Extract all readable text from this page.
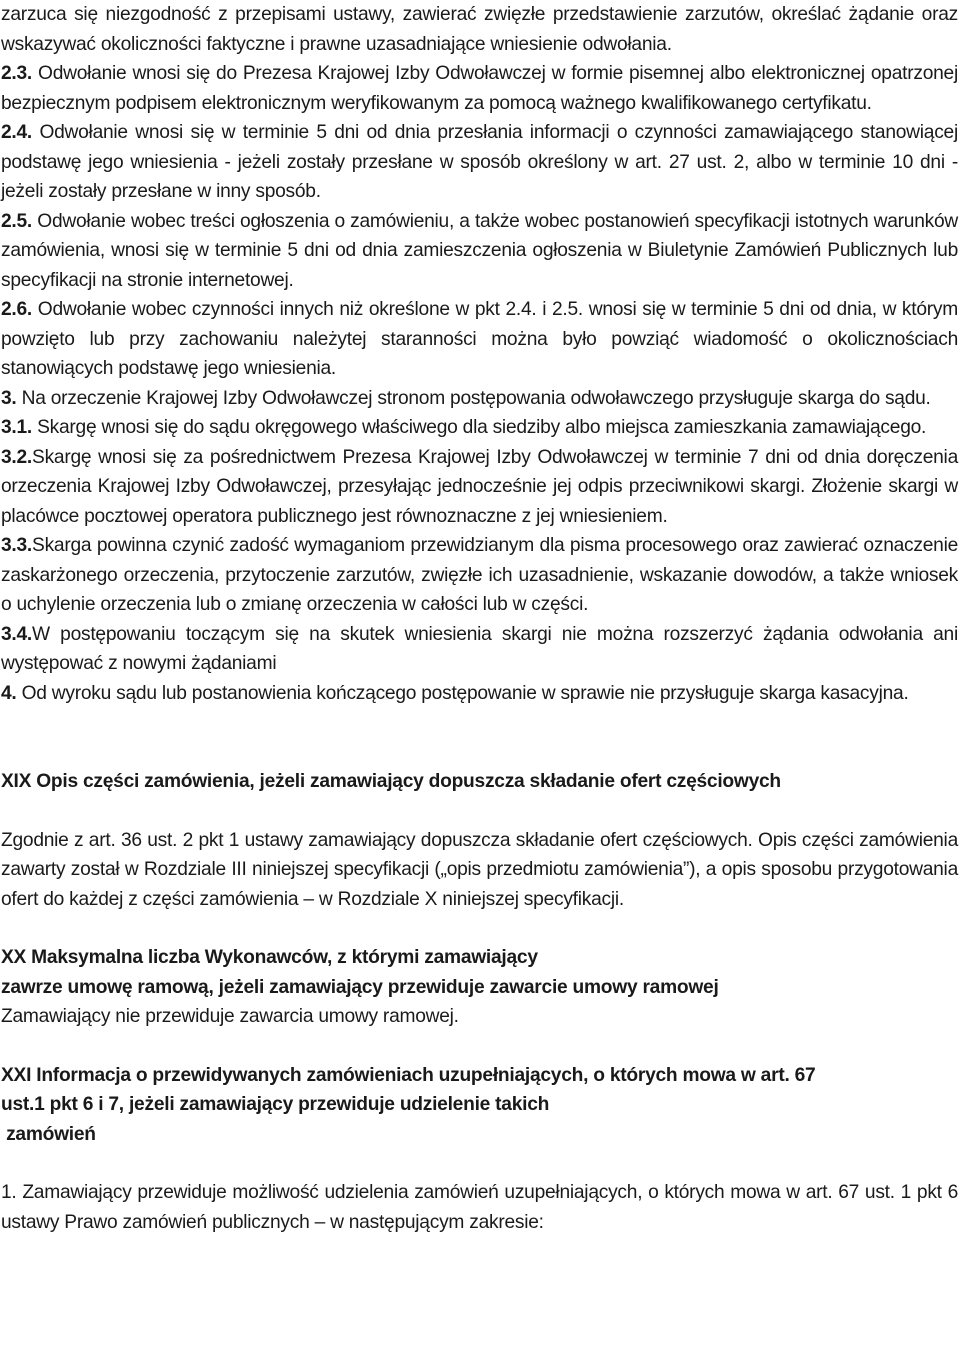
zarzuca się niezgodność z przepisami ustawy, zawierać zwięzłe przedstawienie zarzutów, określać żądanie oraz wskazywać okoliczności faktyczne i prawne uzasadniające wniesienie odwołania.

2.3. Odwołanie wnosi się do Prezesa Krajowej Izby Odwoławczej w formie pisemnej albo elektronicznej opatrzonej bezpiecznym podpisem elektronicznym weryfikowanym za pomocą ważnego kwalifikowanego certyfikatu.

2.4. Odwołanie wnosi się w terminie 5 dni od dnia przesłania informacji o czynności zamawiającego stanowiącej podstawę jego wniesienia - jeżeli zostały przesłane w sposób określony w art. 27 ust. 2, albo w terminie 10 dni - jeżeli zostały przesłane w inny sposób.

2.5. Odwołanie wobec treści ogłoszenia o zamówieniu, a także wobec postanowień specyfikacji istotnych warunków zamówienia, wnosi się w terminie 5 dni od dnia zamieszczenia ogłoszenia w Biuletynie Zamówień Publicznych lub specyfikacji na stronie internetowej.

2.6. Odwołanie wobec czynności innych niż określone w pkt 2.4. i 2.5. wnosi się w terminie 5 dni od dnia, w którym powzięto lub przy zachowaniu należytej staranności można było powziąć wiadomość o okolicznościach stanowiących podstawę jego wniesienia.

3. Na orzeczenie Krajowej Izby Odwoławczej stronom postępowania odwoławczego przysługuje skarga do sądu.

3.1. Skargę wnosi się do sądu okręgowego właściwego dla siedziby albo miejsca zamieszkania zamawiającego.

3.2.Skargę wnosi się za pośrednictwem Prezesa Krajowej Izby Odwoławczej w terminie 7 dni od dnia doręczenia orzeczenia Krajowej Izby Odwoławczej, przesyłając jednocześnie jej odpis przeciwnikowi skargi. Złożenie skargi w placówce pocztowej operatora publicznego jest równoznaczne z jej wniesieniem.

3.3.Skarga powinna czynić zadość wymaganiom przewidzianym dla pisma procesowego oraz zawierać oznaczenie zaskarżonego orzeczenia, przytoczenie zarzutów, zwięzłe ich uzasadnienie, wskazanie dowodów, a także wniosek o uchylenie orzeczenia lub o zmianę orzeczenia w całości lub w części.

3.4.W postępowaniu toczącym się na skutek wniesienia skargi nie można rozszerzyć żądania odwołania ani występować z nowymi żądaniami

4. Od wyroku sądu lub postanowienia kończącego postępowanie w sprawie nie przysługuje skarga kasacyjna.

XIX Opis części zamówienia, jeżeli zamawiający dopuszcza składanie ofert częściowych

Zgodnie z art. 36 ust. 2 pkt 1 ustawy zamawiający dopuszcza składanie ofert częściowych. Opis części zamówienia zawarty został w Rozdziale III niniejszej specyfikacji („opis przedmiotu zamówienia”), a opis sposobu przygotowania ofert do każdej z części zamówienia – w Rozdziale X niniejszej specyfikacji.

XX Maksymalna liczba Wykonawców, z którymi zamawiający

zawrze umowę ramową, jeżeli zamawiający przewiduje zawarcie umowy ramowej

Zamawiający nie przewiduje zawarcia umowy ramowej.

XXI Informacja o przewidywanych zamówieniach uzupełniających, o których mowa w art. 67

ust.1 pkt 6 i 7, jeżeli zamawiający przewiduje udzielenie takich

zamówień

1. Zamawiający przewiduje możliwość udzielenia zamówień uzupełniających, o których mowa w art. 67 ust. 1 pkt 6 ustawy Prawo zamówień publicznych – w następującym zakresie:
